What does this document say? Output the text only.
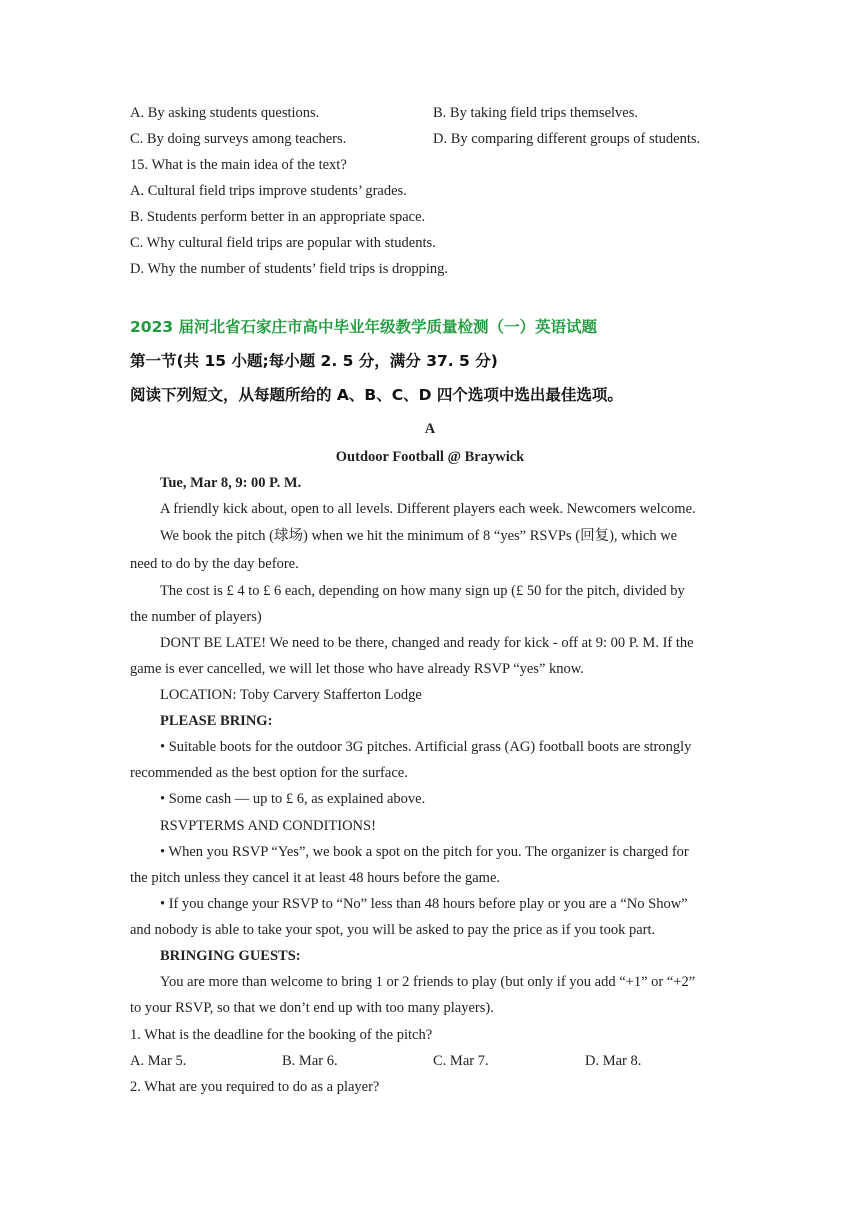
A. By asking students questions.	B. By taking field trips themselves.
C. By doing surveys among teachers.	D. By comparing different groups of students.
15. What is the main idea of the text?
A. Cultural field trips improve students’ grades.
B. Students perform better in an appropriate space.
C. Why cultural field trips are popular with students.
D. Why the number of students’ field trips is dropping.
2023 届河北省石家庄市高中毕业年级教学质量检测（一）英语试题
第一节(共 15 小题;每小题 2. 5 分，满分 37. 5 分)
阅读下列短文，从每题所给的 A、B、C、D 四个选项中选出最佳选项。
A
Outdoor Football @ Braywick
Tue, Mar 8, 9: 00 P. M.
A friendly kick about, open to all levels. Different players each week. Newcomers welcome.
We book the pitch (球场) when we hit the minimum of 8 “yes” RSVPs (回复), which we
need to do by the day before.
The cost is £ 4 to £ 6 each, depending on how many sign up (£ 50 for the pitch, divided by
the number of players)
DONT BE LATE! We need to be there, changed and ready for kick - off at 9: 00 P. M. If the
game is ever cancelled, we will let those who have already RSVP “yes” know.
LOCATION: Toby Carvery Stafferton Lodge
PLEASE BRING:
• Suitable boots for the outdoor 3G pitches. Artificial grass (AG) football boots are strongly
recommended as the best option for the surface.
• Some cash — up to £ 6, as explained above.
RSVPTERMS AND CONDITIONS!
• When you RSVP “Yes”, we book a spot on the pitch for you. The organizer is charged for
the pitch unless they cancel it at least 48 hours before the game.
• If you change your RSVP to “No” less than 48 hours before play or you are a “No Show”
and nobody is able to take your spot, you will be asked to pay the price as if you took part.
BRINGING GUESTS:
You are more than welcome to bring 1 or 2 friends to play (but only if you add “+1” or “+2”
to your RSVP, so that we don’t end up with too many players).
1. What is the deadline for the booking of the pitch?
A. Mar 5.	B. Mar 6.	C. Mar 7.	D. Mar 8.
2. What are you required to do as a player?
